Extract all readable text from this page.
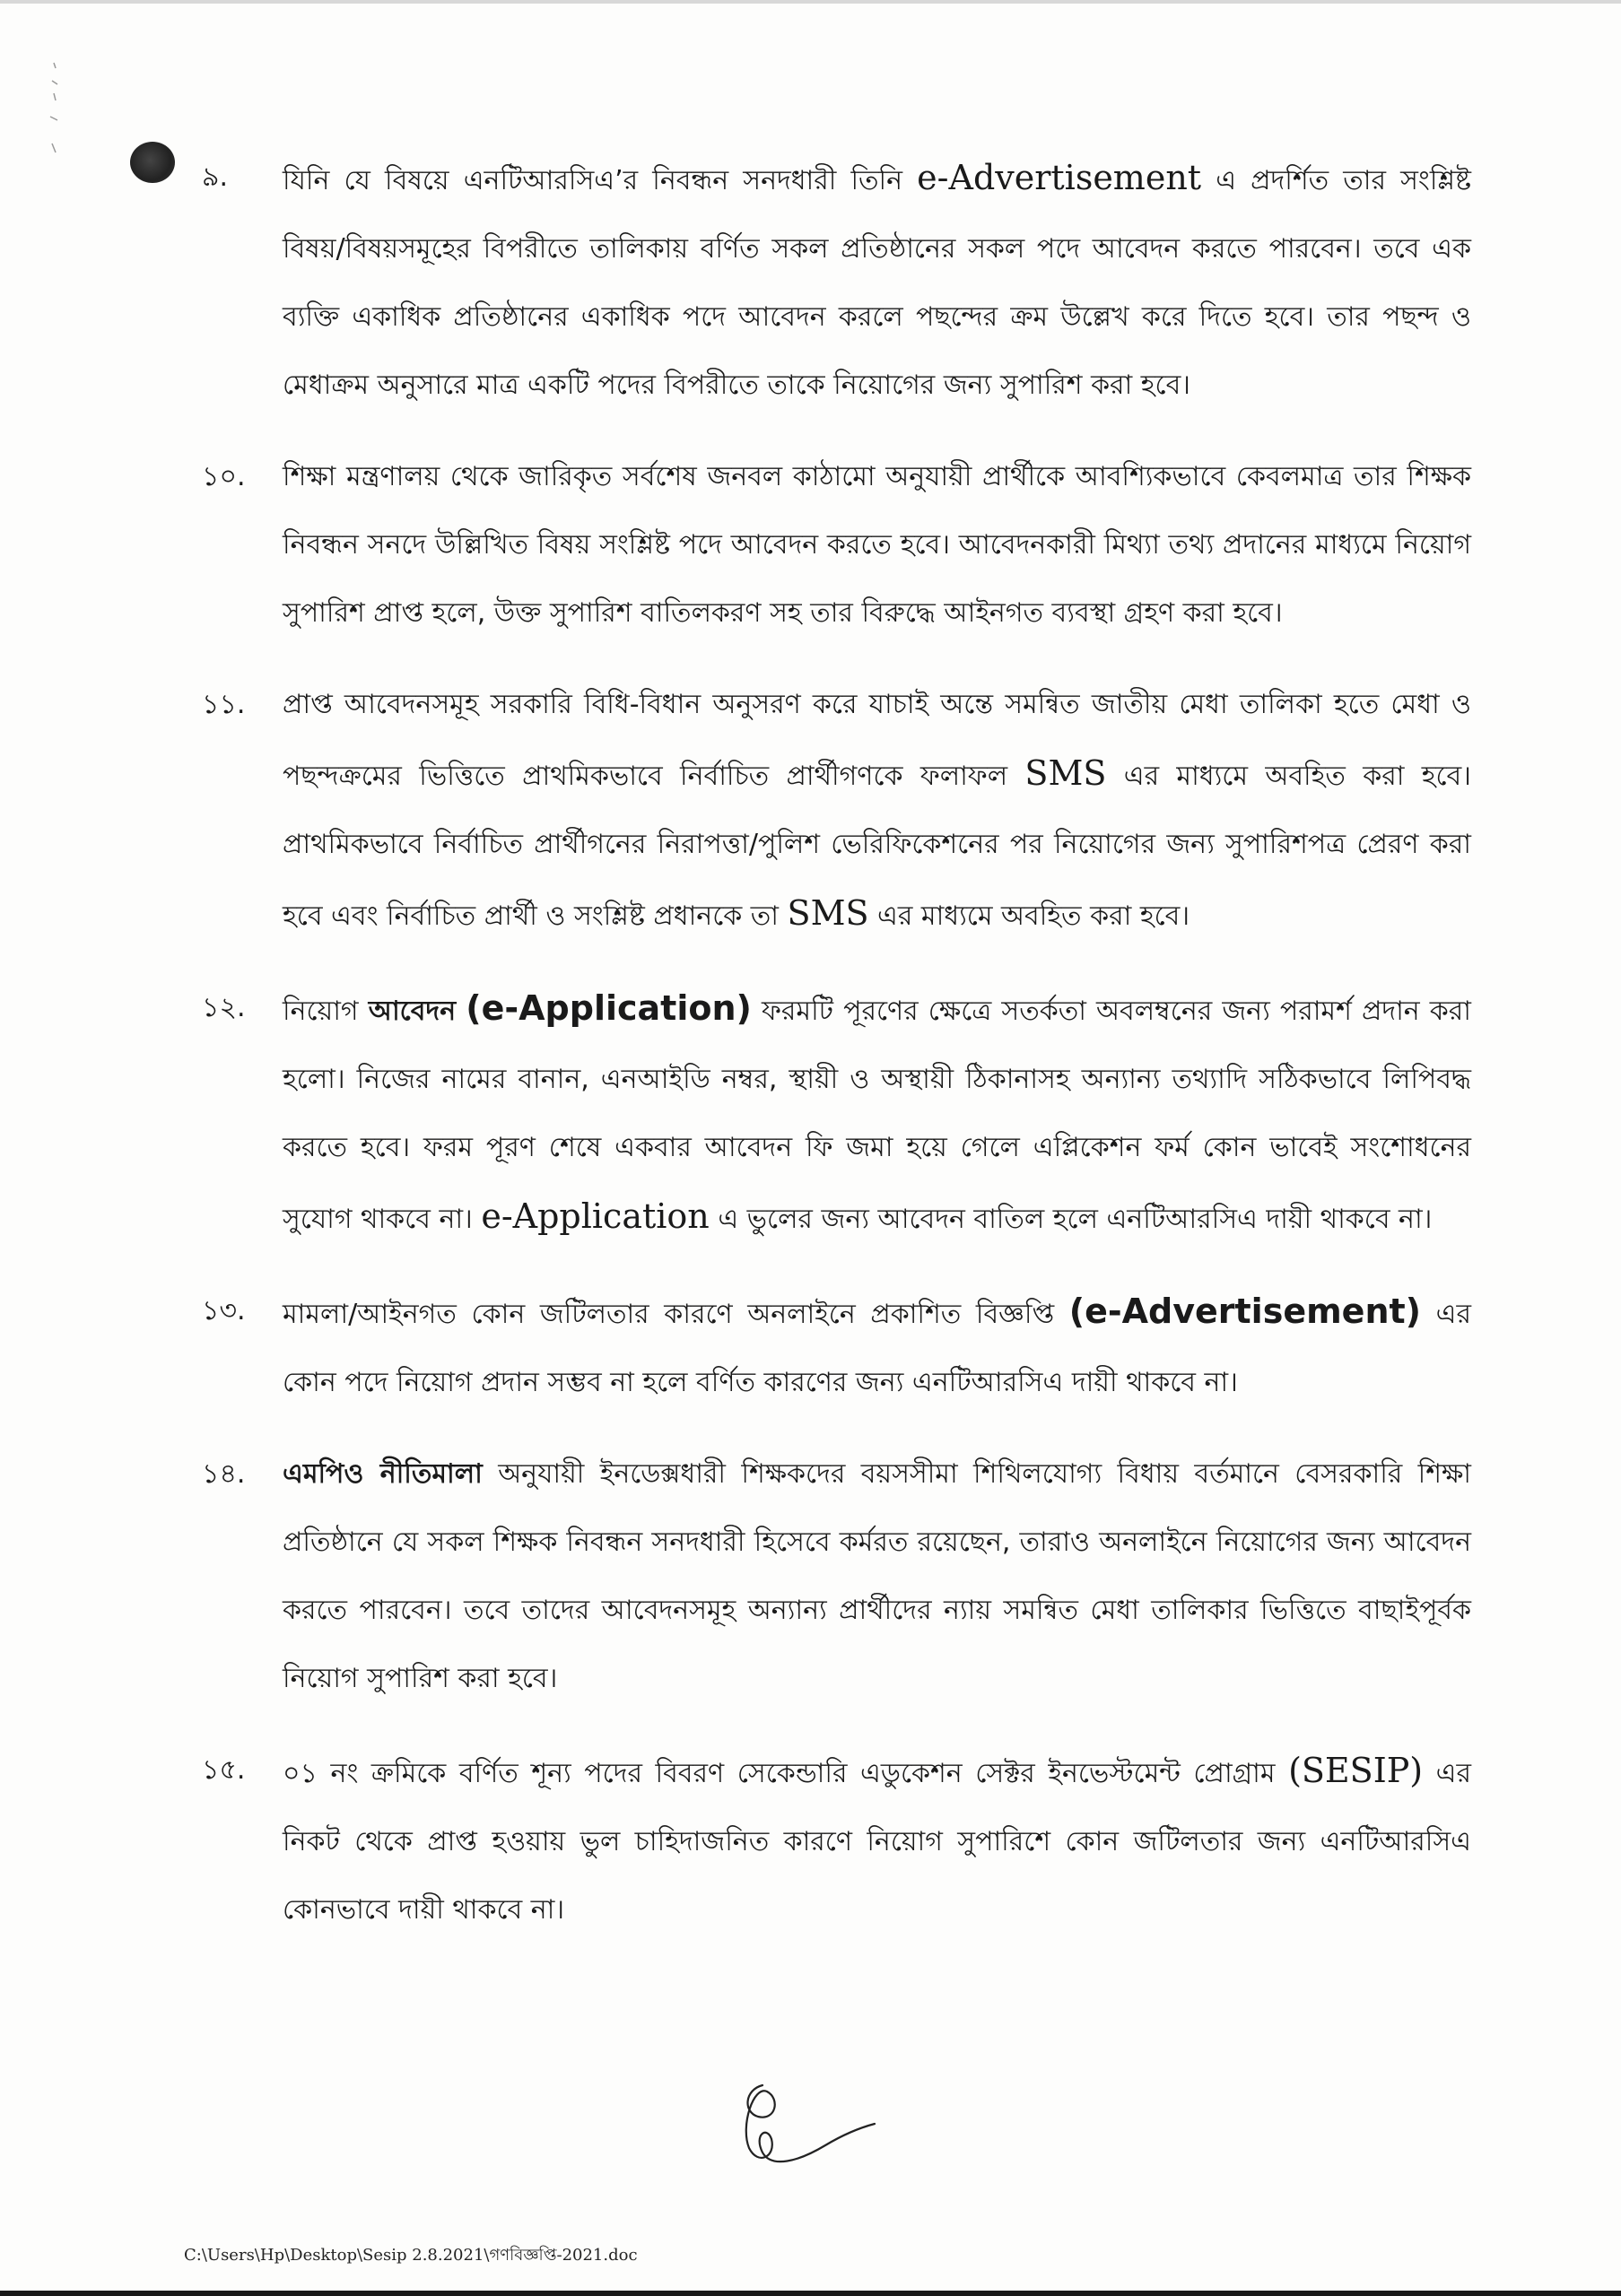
৯.	যিনি যে বিষয়ে এনটিআরসিএ’র নিবন্ধন সনদধারী তিনি e-Advertisement এ প্রদর্শিত তার সংশ্লিষ্ট বিষয়/বিষয়সমূহের বিপরীতে তালিকায় বর্ণিত সকল প্রতিষ্ঠানের সকল পদে আবেদন করতে পারবেন। তবে এক ব্যক্তি একাধিক প্রতিষ্ঠানের একাধিক পদে আবেদন করলে পছন্দের ক্রম উল্লেখ করে দিতে হবে। তার পছন্দ ও মেধাক্রম অনুসারে মাত্র একটি পদের বিপরীতে তাকে নিয়োগের জন্য সুপারিশ করা হবে।
১০.	শিক্ষা মন্ত্রণালয় থেকে জারিকৃত সর্বশেষ জনবল কাঠামো অনুযায়ী প্রার্থীকে আবশ্যিকভাবে কেবলমাত্র তার শিক্ষক নিবন্ধন সনদে উল্লিখিত বিষয় সংশ্লিষ্ট পদে আবেদন করতে হবে। আবেদনকারী মিথ্যা তথ্য প্রদানের মাধ্যমে নিয়োগ সুপারিশ প্রাপ্ত হলে, উক্ত সুপারিশ বাতিলকরণ সহ তার বিরুদ্ধে আইনগত ব্যবস্থা গ্রহণ করা হবে।
১১.	প্রাপ্ত আবেদনসমূহ সরকারি বিধি-বিধান অনুসরণ করে যাচাই অন্তে সমন্বিত জাতীয় মেধা তালিকা হতে মেধা ও পছন্দক্রমের ভিত্তিতে প্রাথমিকভাবে নির্বাচিত প্রার্থীগণকে ফলাফল SMS এর মাধ্যমে অবহিত করা হবে। প্রাথমিকভাবে নির্বাচিত প্রার্থীগনের নিরাপত্তা/পুলিশ ভেরিফিকেশনের পর নিয়োগের জন্য সুপারিশপত্র প্রেরণ করা হবে এবং নির্বাচিত প্রার্থী ও সংশ্লিষ্ট প্রধানকে তা SMS এর মাধ্যমে অবহিত করা হবে।
১২.	নিয়োগ আবেদন (e-Application) ফরমটি পূরণের ক্ষেত্রে সতর্কতা অবলম্বনের জন্য পরামর্শ প্রদান করা হলো। নিজের নামের বানান, এনআইডি নম্বর, স্থায়ী ও অস্থায়ী ঠিকানাসহ অন্যান্য তথ্যাদি সঠিকভাবে লিপিবদ্ধ করতে হবে। ফরম পূরণ শেষে একবার আবেদন ফি জমা হয়ে গেলে এপ্লিকেশন ফর্ম কোন ভাবেই সংশোধনের সুযোগ থাকবে না। e-Application এ ভুলের জন্য আবেদন বাতিল হলে এনটিআরসিএ দায়ী থাকবে না।
১৩.	মামলা/আইনগত কোন জটিলতার কারণে অনলাইনে প্রকাশিত বিজ্ঞপ্তি (e-Advertisement) এর কোন পদে নিয়োগ প্রদান সম্ভব না হলে বর্ণিত কারণের জন্য এনটিআরসিএ দায়ী থাকবে না।
১৪.	এমপিও নীতিমালা অনুযায়ী ইনডেক্সধারী শিক্ষকদের বয়সসীমা শিথিলযোগ্য বিধায় বর্তমানে বেসরকারি শিক্ষা প্রতিষ্ঠানে যে সকল শিক্ষক নিবন্ধন সনদধারী হিসেবে কর্মরত রয়েছেন, তারাও অনলাইনে নিয়োগের জন্য আবেদন করতে পারবেন। তবে তাদের আবেদনসমূহ অন্যান্য প্রার্থীদের ন্যায় সমন্বিত মেধা তালিকার ভিত্তিতে বাছাইপূর্বক নিয়োগ সুপারিশ করা হবে।
১৫.	০১ নং ক্রমিকে বর্ণিত শূন্য পদের বিবরণ সেকেন্ডারি এডুকেশন সেক্টর ইনভেস্টমেন্ট প্রোগ্রাম (SESIP) এর নিকট থেকে প্রাপ্ত হওয়ায় ভুল চাহিদাজনিত কারণে নিয়োগ সুপারিশে কোন জটিলতার জন্য এনটিআরসিএ কোনভাবে দায়ী থাকবে না।
C:\Users\Hp\Desktop\Sesip 2.8.2021\গণবিজ্ঞপ্তি-2021.doc
